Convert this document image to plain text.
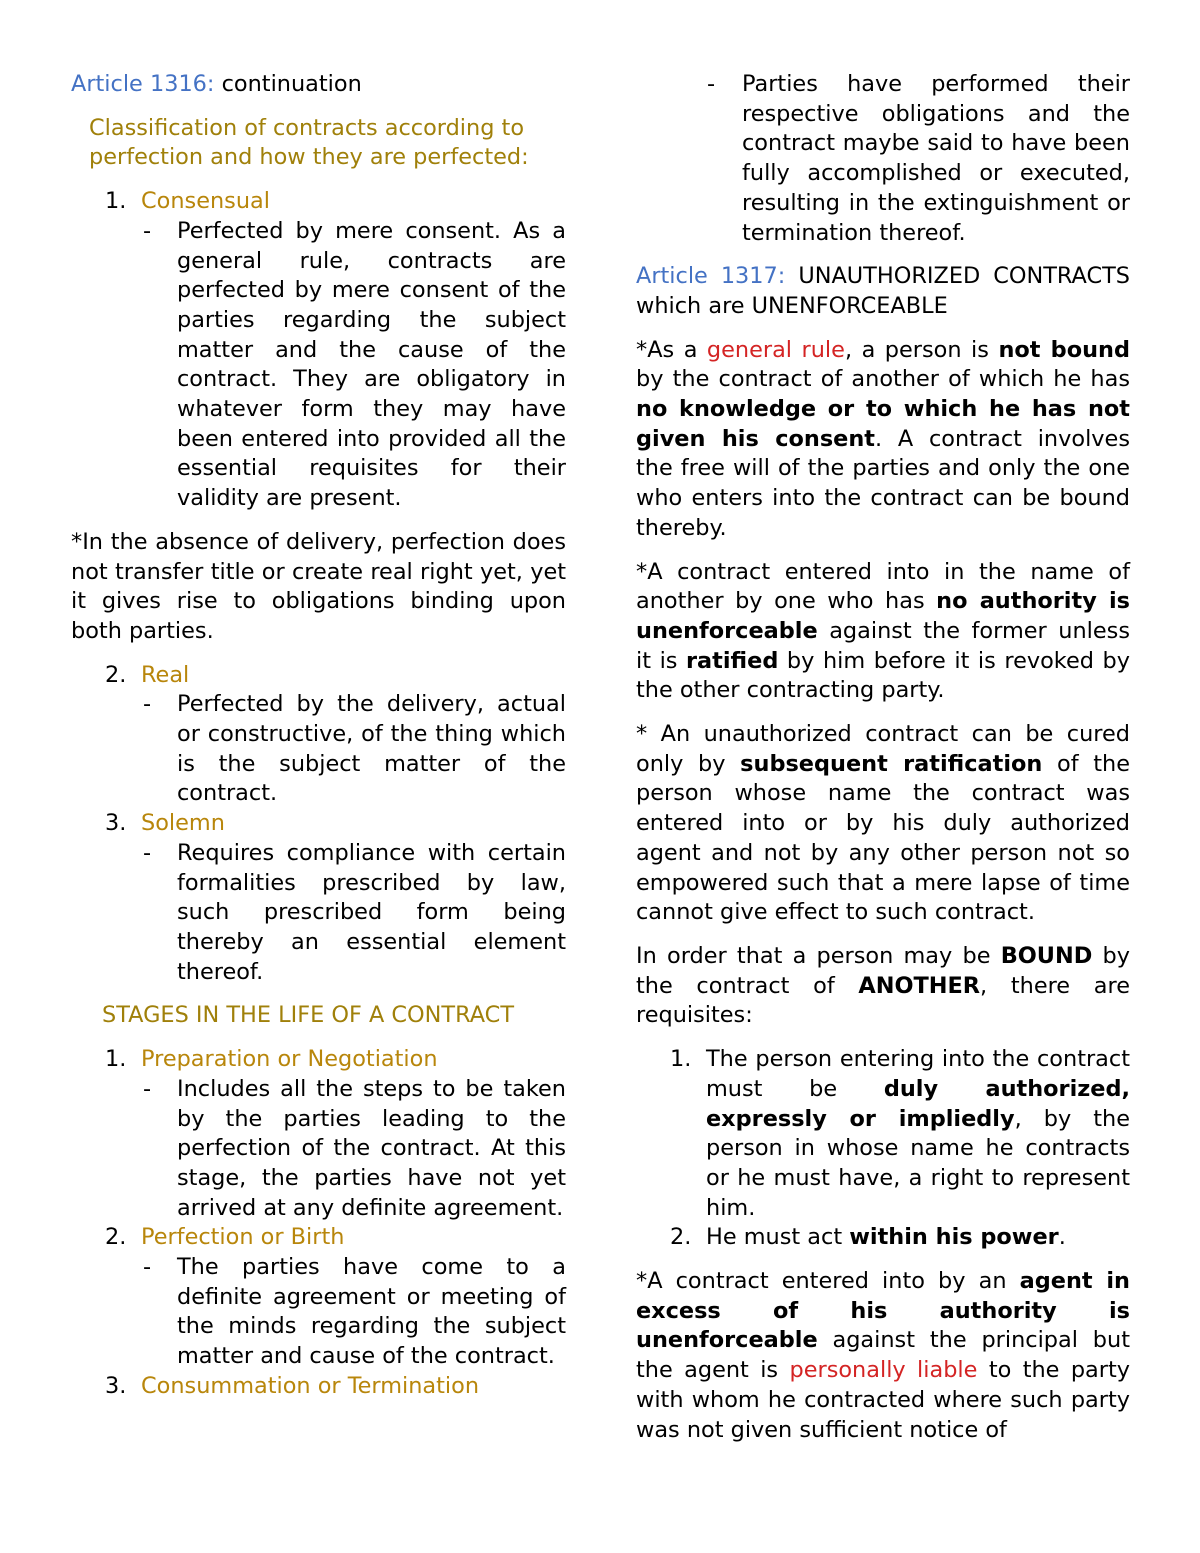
Article 1316: continuation

Classification of contracts according to perfection and how they are perfected:

1. Consensual
- Perfected by mere consent. As a general rule, contracts are perfected by mere consent of the parties regarding the subject matter and the cause of the contract. They are obligatory in whatever form they may have been entered into provided all the essential requisites for their validity are present.

*In the absence of delivery, perfection does not transfer title or create real right yet, yet it gives rise to obligations binding upon both parties.

2. Real
- Perfected by the delivery, actual or constructive, of the thing which is the subject matter of the contract.
3. Solemn
- Requires compliance with certain formalities prescribed by law, such prescribed form being thereby an essential element thereof.

STAGES IN THE LIFE OF A CONTRACT

1. Preparation or Negotiation
- Includes all the steps to be taken by the parties leading to the perfection of the contract. At this stage, the parties have not yet arrived at any definite agreement.
2. Perfection or Birth
- The parties have come to a definite agreement or meeting of the minds regarding the subject matter and cause of the contract.
3. Consummation or Termination
- Parties have performed their respective obligations and the contract maybe said to have been fully accomplished or executed, resulting in the extinguishment or termination thereof.

Article 1317: UNAUTHORIZED CONTRACTS which are UNENFORCEABLE

*As a general rule, a person is not bound by the contract of another of which he has no knowledge or to which he has not given his consent. A contract involves the free will of the parties and only the one who enters into the contract can be bound thereby.

*A contract entered into in the name of another by one who has no authority is unenforceable against the former unless it is ratified by him before it is revoked by the other contracting party.

* An unauthorized contract can be cured only by subsequent ratification of the person whose name the contract was entered into or by his duly authorized agent and not by any other person not so empowered such that a mere lapse of time cannot give effect to such contract.

In order that a person may be BOUND by the contract of ANOTHER, there are requisites:

1. The person entering into the contract must be duly authorized, expressly or impliedly, by the person in whose name he contracts or he must have, a right to represent him.
2. He must act within his power.

*A contract entered into by an agent in excess of his authority is unenforceable against the principal but the agent is personally liable to the party with whom he contracted where such party was not given sufficient notice of
